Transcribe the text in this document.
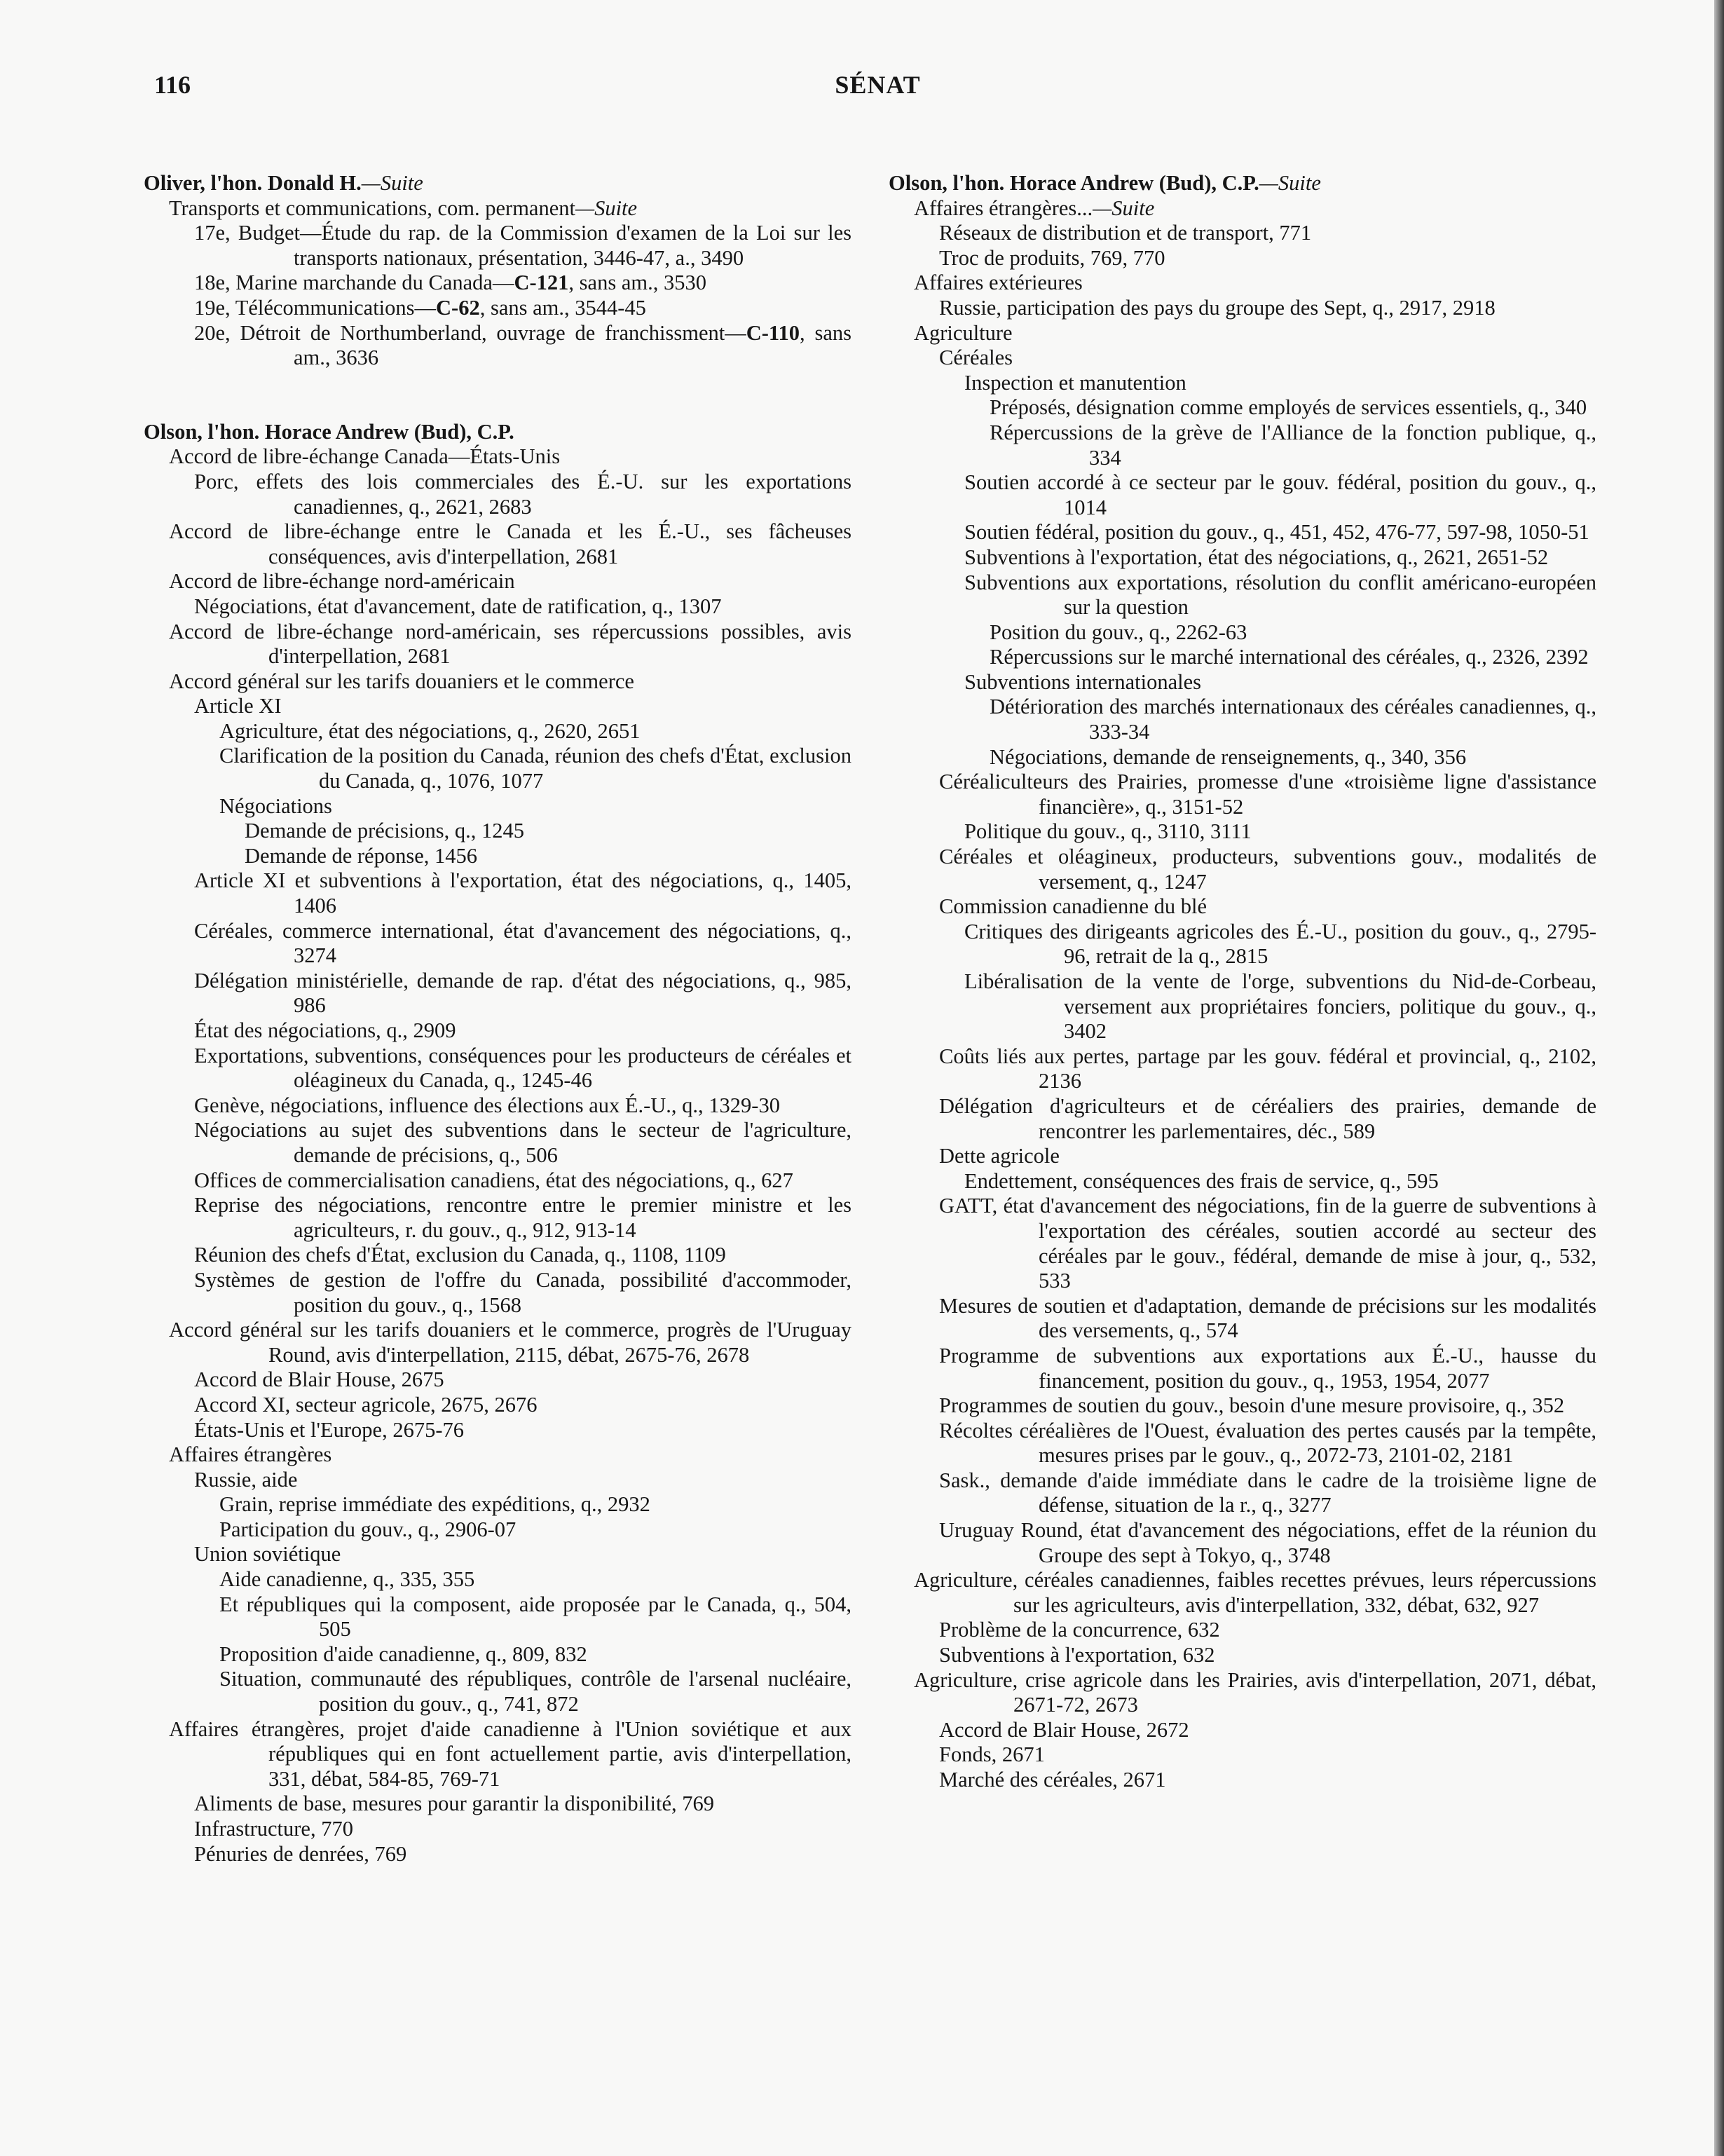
116	SÉNAT
Oliver, l'hon. Donald H.—Suite
Transports et communications, com. permanent—Suite
17e, Budget—Étude du rap. de la Commission d'examen de la Loi sur les transports nationaux, présentation, 3446-47, a., 3490
18e, Marine marchande du Canada—C-121, sans am., 3530
19e, Télécommunications—C-62, sans am., 3544-45
20e, Détroit de Northumberland, ouvrage de franchissment—C-110, sans am., 3636
Olson, l'hon. Horace Andrew (Bud), C.P.
Accord de libre-échange Canada—États-Unis
Porc, effets des lois commerciales des É.-U. sur les exportations canadiennes, q., 2621, 2683
Accord de libre-échange entre le Canada et les É.-U., ses fâcheuses conséquences, avis d'interpellation, 2681
Accord de libre-échange nord-américain
Négociations, état d'avancement, date de ratification, q., 1307
Accord de libre-échange nord-américain, ses répercussions possibles, avis d'interpellation, 2681
Accord général sur les tarifs douaniers et le commerce
Article XI
Agriculture, état des négociations, q., 2620, 2651
Clarification de la position du Canada, réunion des chefs d'État, exclusion du Canada, q., 1076, 1077
Négociations
Demande de précisions, q., 1245
Demande de réponse, 1456
Article XI et subventions à l'exportation, état des négociations, q., 1405, 1406
Céréales, commerce international, état d'avancement des négociations, q., 3274
Délégation ministérielle, demande de rap. d'état des négociations, q., 985, 986
État des négociations, q., 2909
Exportations, subventions, conséquences pour les producteurs de céréales et oléagineux du Canada, q., 1245-46
Genève, négociations, influence des élections aux É.-U., q., 1329-30
Négociations au sujet des subventions dans le secteur de l'agriculture, demande de précisions, q., 506
Offices de commercialisation canadiens, état des négociations, q., 627
Reprise des négociations, rencontre entre le premier ministre et les agriculteurs, r. du gouv., q., 912, 913-14
Réunion des chefs d'État, exclusion du Canada, q., 1108, 1109
Systèmes de gestion de l'offre du Canada, possibilité d'accommoder, position du gouv., q., 1568
Accord général sur les tarifs douaniers et le commerce, progrès de l'Uruguay Round, avis d'interpellation, 2115, débat, 2675-76, 2678
Accord de Blair House, 2675
Accord XI, secteur agricole, 2675, 2676
États-Unis et l'Europe, 2675-76
Affaires étrangères
Russie, aide
Grain, reprise immédiate des expéditions, q., 2932
Participation du gouv., q., 2906-07
Union soviétique
Aide canadienne, q., 335, 355
Et républiques qui la composent, aide proposée par le Canada, q., 504, 505
Proposition d'aide canadienne, q., 809, 832
Situation, communauté des républiques, contrôle de l'arsenal nucléaire, position du gouv., q., 741, 872
Affaires étrangères, projet d'aide canadienne à l'Union soviétique et aux républiques qui en font actuellement partie, avis d'interpellation, 331, débat, 584-85, 769-71
Aliments de base, mesures pour garantir la disponibilité, 769
Infrastructure, 770
Pénuries de denrées, 769
Olson, l'hon. Horace Andrew (Bud), C.P.—Suite
Affaires étrangères...—Suite
Réseaux de distribution et de transport, 771
Troc de produits, 769, 770
Affaires extérieures
Russie, participation des pays du groupe des Sept, q., 2917, 2918
Agriculture
Céréales
Inspection et manutention
Préposés, désignation comme employés de services essentiels, q., 340
Répercussions de la grève de l'Alliance de la fonction publique, q., 334
Soutien accordé à ce secteur par le gouv. fédéral, position du gouv., q., 1014
Soutien fédéral, position du gouv., q., 451, 452, 476-77, 597-98, 1050-51
Subventions à l'exportation, état des négociations, q., 2621, 2651-52
Subventions aux exportations, résolution du conflit américano-européen sur la question
Position du gouv., q., 2262-63
Répercussions sur le marché international des céréales, q., 2326, 2392
Subventions internationales
Détérioration des marchés internationaux des céréales canadiennes, q., 333-34
Négociations, demande de renseignements, q., 340, 356
Céréaliculteurs des Prairies, promesse d'une «troisième ligne d'assistance financière», q., 3151-52
Politique du gouv., q., 3110, 3111
Céréales et oléagineux, producteurs, subventions gouv., modalités de versement, q., 1247
Commission canadienne du blé
Critiques des dirigeants agricoles des É.-U., position du gouv., q., 2795-96, retrait de la q., 2815
Libéralisation de la vente de l'orge, subventions du Nid-de-Corbeau, versement aux propriétaires fonciers, politique du gouv., q., 3402
Coûts liés aux pertes, partage par les gouv. fédéral et provincial, q., 2102, 2136
Délégation d'agriculteurs et de céréaliers des prairies, demande de rencontrer les parlementaires, déc., 589
Dette agricole
Endettement, conséquences des frais de service, q., 595
GATT, état d'avancement des négociations, fin de la guerre de subventions à l'exportation des céréales, soutien accordé au secteur des céréales par le gouv., fédéral, demande de mise à jour, q., 532, 533
Mesures de soutien et d'adaptation, demande de précisions sur les modalités des versements, q., 574
Programme de subventions aux exportations aux É.-U., hausse du financement, position du gouv., q., 1953, 1954, 2077
Programmes de soutien du gouv., besoin d'une mesure provisoire, q., 352
Récoltes céréalières de l'Ouest, évaluation des pertes causés par la tempête, mesures prises par le gouv., q., 2072-73, 2101-02, 2181
Sask., demande d'aide immédiate dans le cadre de la troisième ligne de défense, situation de la r., q., 3277
Uruguay Round, état d'avancement des négociations, effet de la réunion du Groupe des sept à Tokyo, q., 3748
Agriculture, céréales canadiennes, faibles recettes prévues, leurs répercussions sur les agriculteurs, avis d'interpellation, 332, débat, 632, 927
Problème de la concurrence, 632
Subventions à l'exportation, 632
Agriculture, crise agricole dans les Prairies, avis d'interpellation, 2071, débat, 2671-72, 2673
Accord de Blair House, 2672
Fonds, 2671
Marché des céréales, 2671
